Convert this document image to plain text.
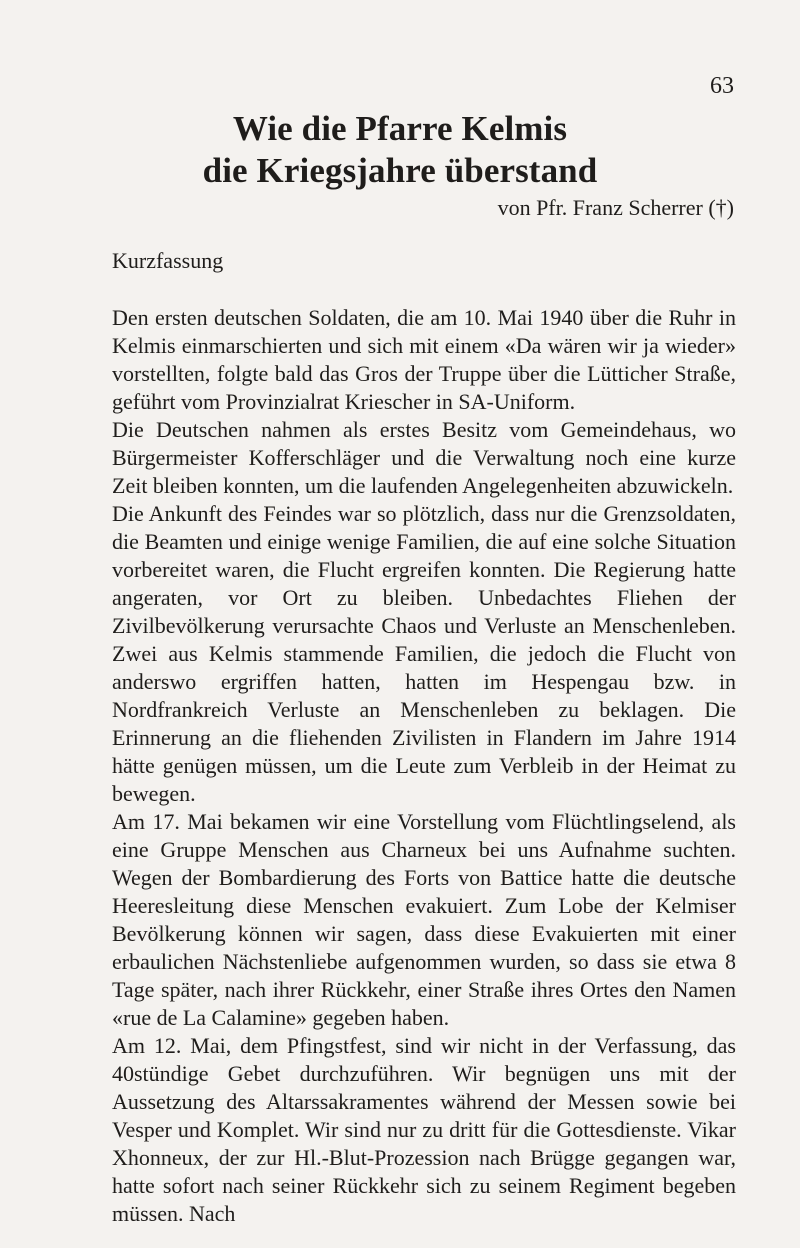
63
Wie die Pfarre Kelmis
die Kriegsjahre überstand
von Pfr. Franz Scherrer (†)
Kurzfassung

Den ersten deutschen Soldaten, die am 10. Mai 1940 über die Ruhr in Kelmis einmarschierten und sich mit einem «Da wären wir ja wieder» vorstellten, folgte bald das Gros der Truppe über die Lütticher Straße, geführt vom Provinzialrat Kriescher in SA-Uniform.

Die Deutschen nahmen als erstes Besitz vom Gemeindehaus, wo Bürgermeister Kofferschläger und die Verwaltung noch eine kurze Zeit bleiben konnten, um die laufenden Angelegenheiten abzuwickeln.

Die Ankunft des Feindes war so plötzlich, dass nur die Grenzsoldaten, die Beamten und einige wenige Familien, die auf eine solche Situation vorbereitet waren, die Flucht ergreifen konnten. Die Regierung hatte angeraten, vor Ort zu bleiben. Unbedachtes Fliehen der Zivilbevölkerung verursachte Chaos und Verluste an Menschenleben. Zwei aus Kelmis stammende Familien, die jedoch die Flucht von anderswo ergriffen hatten, hatten im Hespengau bzw. in Nordfrankreich Verluste an Menschenleben zu beklagen. Die Erinnerung an die fliehenden Zivilisten in Flandern im Jahre 1914 hätte genügen müssen, um die Leute zum Verbleib in der Heimat zu bewegen.

Am 17. Mai bekamen wir eine Vorstellung vom Flüchtlingselend, als eine Gruppe Menschen aus Charneux bei uns Aufnahme suchten. Wegen der Bombardierung des Forts von Battice hatte die deutsche Heeresleitung diese Menschen evakuiert. Zum Lobe der Kelmiser Bevölkerung können wir sagen, dass diese Evakuierten mit einer erbaulichen Nächstenliebe aufgenommen wurden, so dass sie etwa 8 Tage später, nach ihrer Rückkehr, einer Straße ihres Ortes den Namen «rue de La Calamine» gegeben haben.

Am 12. Mai, dem Pfingstfest, sind wir nicht in der Verfassung, das 40stündige Gebet durchzuführen. Wir begnügen uns mit der Aussetzung des Altarssakramentes während der Messen sowie bei Vesper und Komplet. Wir sind nur zu dritt für die Gottesdienste. Vikar Xhonneux, der zur Hl.-Blut-Prozession nach Brügge gegangen war, hatte sofort nach seiner Rückkehr sich zu seinem Regiment begeben müssen. Nach
